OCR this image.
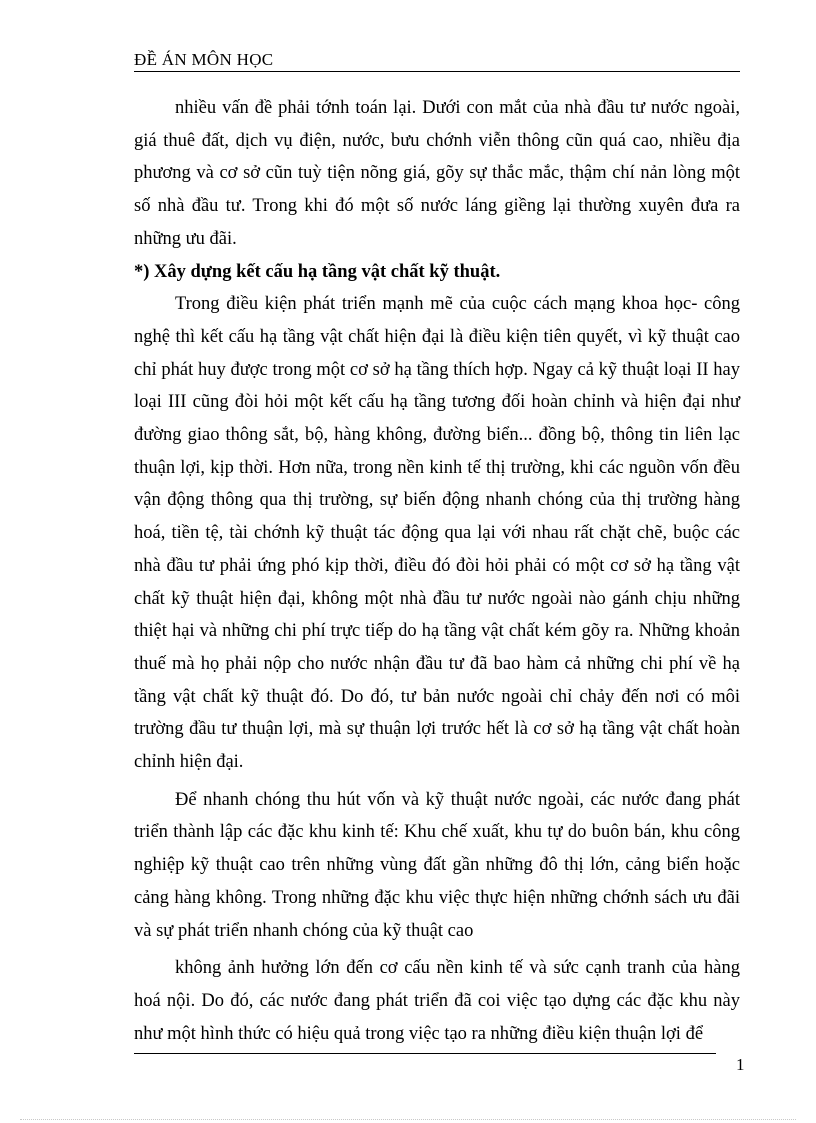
ĐỀ ÁN MÔN HỌC

nhiều vấn đề phải tớnh toán lại. Dưới con mắt của nhà đầu tư nước ngoài, giá thuê đất, dịch vụ điện, nước, bưu chớnh viễn thông cũn quá cao, nhiều địa phương và cơ sở cũn tuỳ tiện nõng giá, gõy sự thắc mắc, thậm chí nản lòng một số nhà đầu tư. Trong khi đó một số nước láng giềng lại thường xuyên đưa ra những ưu đãi.

*) Xây dựng kết cấu hạ tầng vật chất kỹ thuật.

Trong điều kiện phát triển mạnh mẽ của cuộc cách mạng khoa học- công nghệ thì kết cấu hạ tầng vật chất hiện đại là điều kiện tiên quyết, vì kỹ thuật cao chỉ phát huy được trong một cơ sở hạ tầng thích hợp. Ngay cả kỹ thuật loại II hay loại III cũng đòi hỏi một kết cấu hạ tầng tương đối hoàn chỉnh và hiện đại như đường giao thông sắt, bộ, hàng không, đường biển... đồng bộ, thông tin liên lạc thuận lợi, kịp thời. Hơn nữa, trong nền kinh tế thị trường, khi các nguồn vốn đều vận động thông qua thị trường, sự biến động nhanh chóng của thị trường hàng hoá, tiền tệ, tài chớnh kỹ thuật tác động qua lại với nhau rất chặt chẽ, buộc các nhà đầu tư phải ứng phó kịp thời, điều đó đòi hỏi phải có một cơ sở hạ tầng vật chất kỹ thuật hiện đại, không một nhà đầu tư nước ngoài nào gánh chịu những thiệt hại và những chi phí trực tiếp do hạ tầng vật chất kém gõy ra. Những khoản thuế mà họ phải nộp cho nước nhận đầu tư đã bao hàm cả những chi phí về hạ tầng vật chất kỹ thuật đó. Do đó, tư bản nước ngoài chỉ chảy đến nơi có môi trường đầu tư thuận lợi, mà sự thuận lợi trước hết là cơ sở hạ tầng vật chất hoàn chỉnh hiện đại.

Để nhanh chóng thu hút vốn và kỹ thuật nước ngoài, các nước đang phát triển thành lập các đặc khu kinh tế: Khu chế xuất, khu tự do buôn bán, khu công nghiệp kỹ thuật cao trên những vùng đất gần những đô thị lớn, cảng biển hoặc cảng hàng không. Trong những đặc khu việc thực hiện những chớnh sách ưu đãi và sự phát triển nhanh chóng của kỹ thuật cao

không ảnh hưởng lớn đến cơ cấu nền kinh tế và sức cạnh tranh của hàng hoá nội. Do đó, các nước đang phát triển đã coi việc tạo dựng các đặc khu này như một hình thức có hiệu quả trong việc tạo ra những điều kiện thuận lợi để

1
